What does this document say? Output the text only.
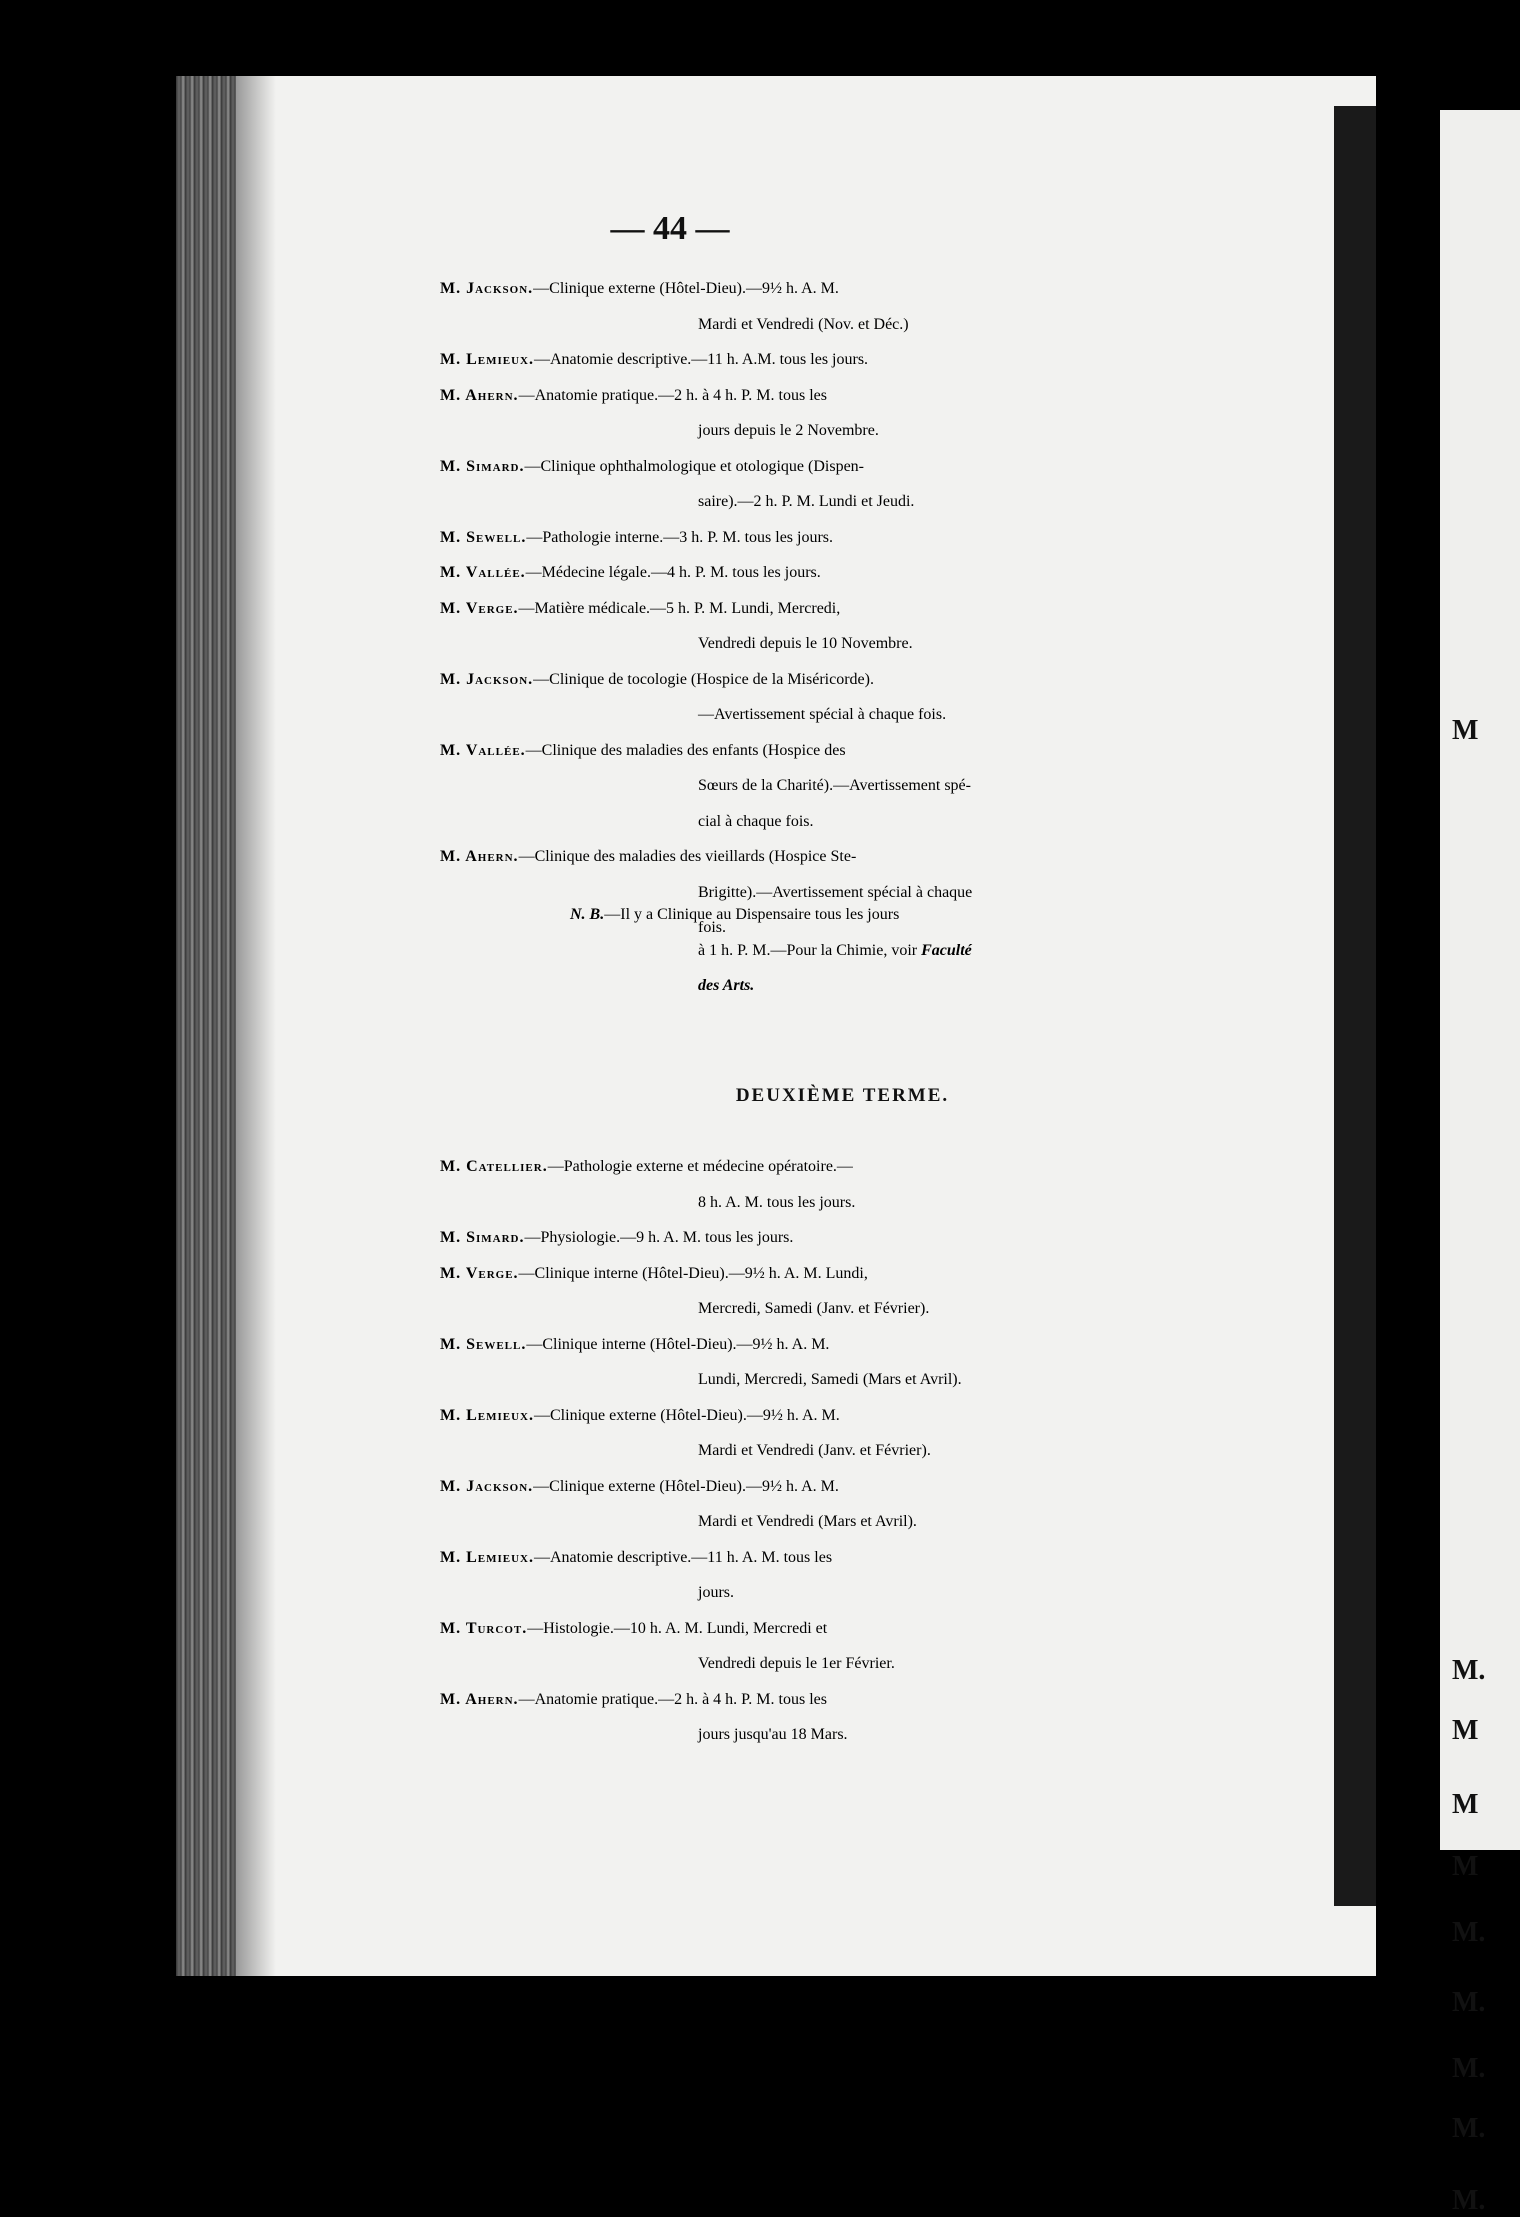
M
M.
M
M
M
M.
M.
M.
M.
M.
— 44 —
M. Jackson.—Clinique externe (Hôtel-Dieu).—9½ h. A. M.
Mardi et Vendredi (Nov. et Déc.)
M. Lemieux.—Anatomie descriptive.—11 h. A.M. tous les jours.
M. Ahern.—Anatomie pratique.—2 h. à 4 h. P. M. tous les
jours depuis le 2 Novembre.
M. Simard.—Clinique ophthalmologique et otologique (Dispen-
saire).—2 h. P. M. Lundi et Jeudi.
M. Sewell.—Pathologie interne.—3 h. P. M. tous les jours.
M. Vallée.—Médecine légale.—4 h. P. M. tous les jours.
M. Verge.—Matière médicale.—5 h. P. M. Lundi, Mercredi,
Vendredi depuis le 10 Novembre.
M. Jackson.—Clinique de tocologie (Hospice de la Miséricorde).
—Avertissement spécial à chaque fois.
M. Vallée.—Clinique des maladies des enfants (Hospice des
Sœurs de la Charité).—Avertissement spé-
cial à chaque fois.
M. Ahern.—Clinique des maladies des vieillards (Hospice Ste-
Brigitte).—Avertissement spécial à chaque
fois.
N. B.—Il y a Clinique au Dispensaire tous les jours
à 1 h. P. M.—Pour la Chimie, voir Faculté
des Arts.
DEUXIÈME TERME.
M. Catellier.—Pathologie externe et médecine opératoire.—
8 h. A. M. tous les jours.
M. Simard.—Physiologie.—9 h. A. M. tous les jours.
M. Verge.—Clinique interne (Hôtel-Dieu).—9½ h. A. M. Lundi,
Mercredi, Samedi (Janv. et Février).
M. Sewell.—Clinique interne (Hôtel-Dieu).—9½ h. A. M.
Lundi, Mercredi, Samedi (Mars et Avril).
M. Lemieux.—Clinique externe (Hôtel-Dieu).—9½ h. A. M.
Mardi et Vendredi (Janv. et Février).
M. Jackson.—Clinique externe (Hôtel-Dieu).—9½ h. A. M.
Mardi et Vendredi (Mars et Avril).
M. Lemieux.—Anatomie descriptive.—11 h. A. M. tous les
jours.
M. Turcot.—Histologie.—10 h. A. M. Lundi, Mercredi et
Vendredi depuis le 1er Février.
M. Ahern.—Anatomie pratique.—2 h. à 4 h. P. M. tous les
jours jusqu'au 18 Mars.
